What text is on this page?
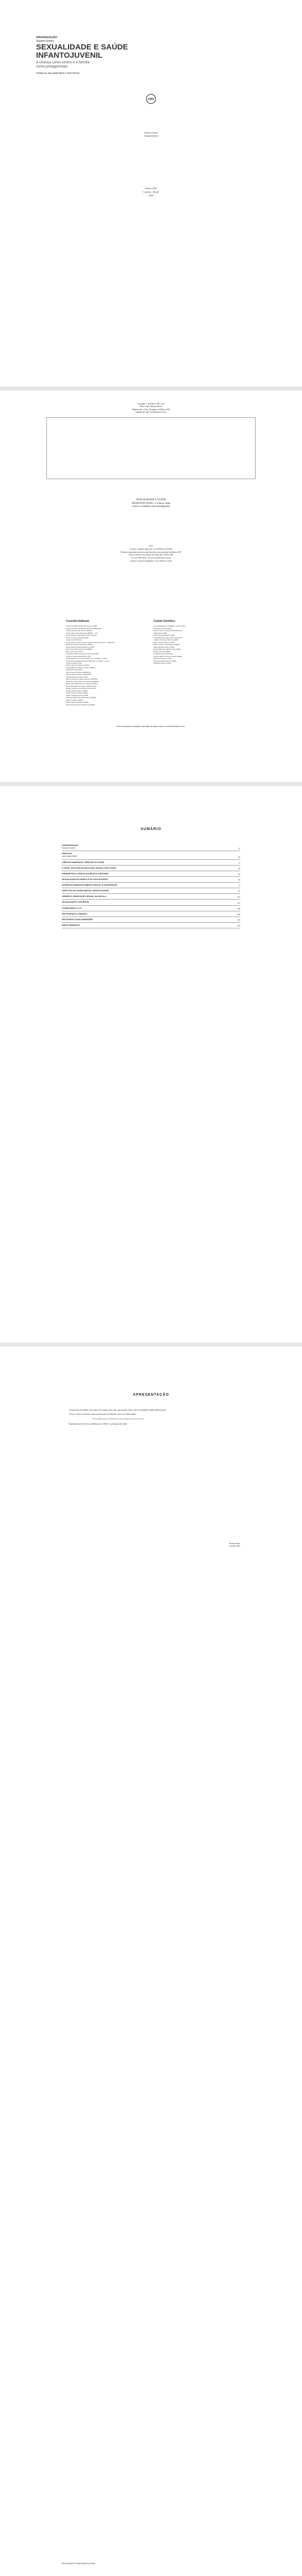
ORGANIZAÇÃO
Suzana Gomes
SEXUALIDADE E SAÚDE
INFANTOJUVENIL
A criança como centro e a família
como protagonistas
Prefácio de Jane Isabel Biehl e Sefin Portela
CRV
Suzana Gomes
(Organizadora)
Editora CRV
Curitiba – Brasil
2019
Copyright © da Editora CRV Ltda.
Editor-chefe: Railson Moura
Diagramação e Capa: Designers da Editora CRV
Imagem da Capa: Freepik/macrovector
SEXUALIDADE E SAÚDE
INFANTOJUVENIL: a criança como
centro e a família como protagonista
2019
Foi feito o depósito legal conf. Lei 10.994 de 14/12/2004
Proibida a reprodução parcial ou total desta obra sem autorização da Editora CRV
Todos os direitos desta edição reservados pela: Editora CRV
Tel.: (41) 3039-6418 - E-mail: sac@editoracrv.com.br
Conheça os nossos lançamentos: www.editoracrv.com.br
Conselho Editorial:
Aldira Guimarães Duarte Domínguez (UNB)
Andréia da Silva Quintanilha Sousa (UNIR/UFRN)
Antônio Pereira Gaio Júnior (UFRRJ)
Carlos Alberto Vilar Estêvão (UMINHO – PT)
Carlos Federico Dominguez Avila (Unieuro)
Carmen Tereza Velanga (UNIR)
Celso Conti (UFSCar)
Cesar Gerónimo Tello (Univer. Nacional Três de Febrero – Argentina)
Eduardo Fernandes Barbosa (UFMG)
Elione Maria Nogueira Diogenes (UFAL)
Elizeu Clementino de Souza (UNEB)
Élsio José Corá (UFFS)
Fernando Antônio Gonçalves Alcoforado (IPB)
Francisco Carlos Duarte (PUC-PR)
Gloria Fariñas León (Universidade de La Havana – Cuba)
Guillermo Arias Beatón (Universidade de La Havana – Cuba)
Helmuth Krüger (UCP)
Jailson Alves dos Santos (UFRJ)
João Adalberto Campato Junior (UNESP)
Josania Portela (UFPI)
Leonel Severo Rocha (UNISINOS)
Lídia de Oliveira Xavier (UNIEURO)
Lourdes Helena da Silva (UFV)
Maria Cristina dos Santos Bezerra (UFSCar)
Maria de Lourdes Pinto de Almeida (UNOESC)
Maria Lília Imbiriba Sousa Colares (UFOPA)
Paulo Romualdo Hernandes (UNIFAL-MG)
Renato Francisco dos Santos Paula (UFG)
Rodrigo Pratte-Santos (UFES)
Sérgio Nunes de Jesus (IFRO)
Simone Rodrigues Pinto (UNB)
Solange Helena Ximenes-Rocha (UFOPA)
Sydione Santos (UEPG)
Tadeu Oliver Gonçalves (UFPA)
Tania Suely Azevedo Brasileiro (UFOPA)
Comitê Científico:
Ana Cláudia Afonso Valladares-Torres (UnB)
Cesar Rey Xavier (UFPA)
Daniel Cícero de Souza (UNICASTELO)
Hélder Reis (UNB)
José Kamêzo Medeiros (UFF)
Karla Mendonça Figueiredo (FIOCRUZ)
Luciana de Gomes Mendes (UNIP)
Marco Aurélio Oliveira (UNIP)
Maria Cristina Costa Dantas (UERN)
Marina Borges Ferraz (UFMT)
Moara Milton dos Santos Lima (UFPE)
Renata Ferreira (UEPA)
Robiquel Gomes (UNITAU)
Robson Sandro Teixeira Coelho (UFMA)
Rosana Fransçoza (UFF)
Soraia Dornellas Rimiéri (UERJ)
Wellington Bruno (UFJF)
Este livro passou por avaliação e aprovação às cegas de dois ou mais pareceristas ad hoc.
SUMÁRIO
APRESENTAÇÃO
Suzana Gomes	11
PREFÁCIO
Jane Isabel Biehl	15
CIÊNCIAS HUMANAS E CIÊNCIAS DA SAÚDE	17
O PAPEL DOS PAIS NA EDUCAÇÃO SEXUAL DOS FILHOS	31
PARÂMETROS CLÍNICOS DA BELEZA CORPORAL	49
SEXUALIDADE NA FAMÍLIA E NO ADOLESCENTE	63
INTERFACE DESENVOLVIMENTO SEXUAL E DIVERSIDADE	77
ASPECTOS DE SAÚDE MENTAL INFANTOJUVENIL	97
GÊNERO E ORIENTAÇÃO SEXUAL NA ESCOLA	113
SEXUALIDADE E VIOLÊNCIA	127
CONHECENDO A LEI	139
PROTEGENDO A CRIANÇA	165
PROTEGER E SUAS DIMENSÕES	179
ÍNDICE REMISSIVO	193
APRESENTAÇÃO

Os interesses da família e da criança são centrais nesta obra, que propõe refletir sobre sexualidade e saúde infantojuvenil.

O livro é fruto de encontros entre profissionais de diferentes áreas do conhecimento.

Não podemos tratar a sexualidade de forma isolada; ela faz parte da vida.

Esperamos que esta obra contribua para o debate e a promoção da saúde.

Suzana Gomes
Curitiba, 2019
SEXUALIDADE E SAÚDE INFANTOJUVENIL
